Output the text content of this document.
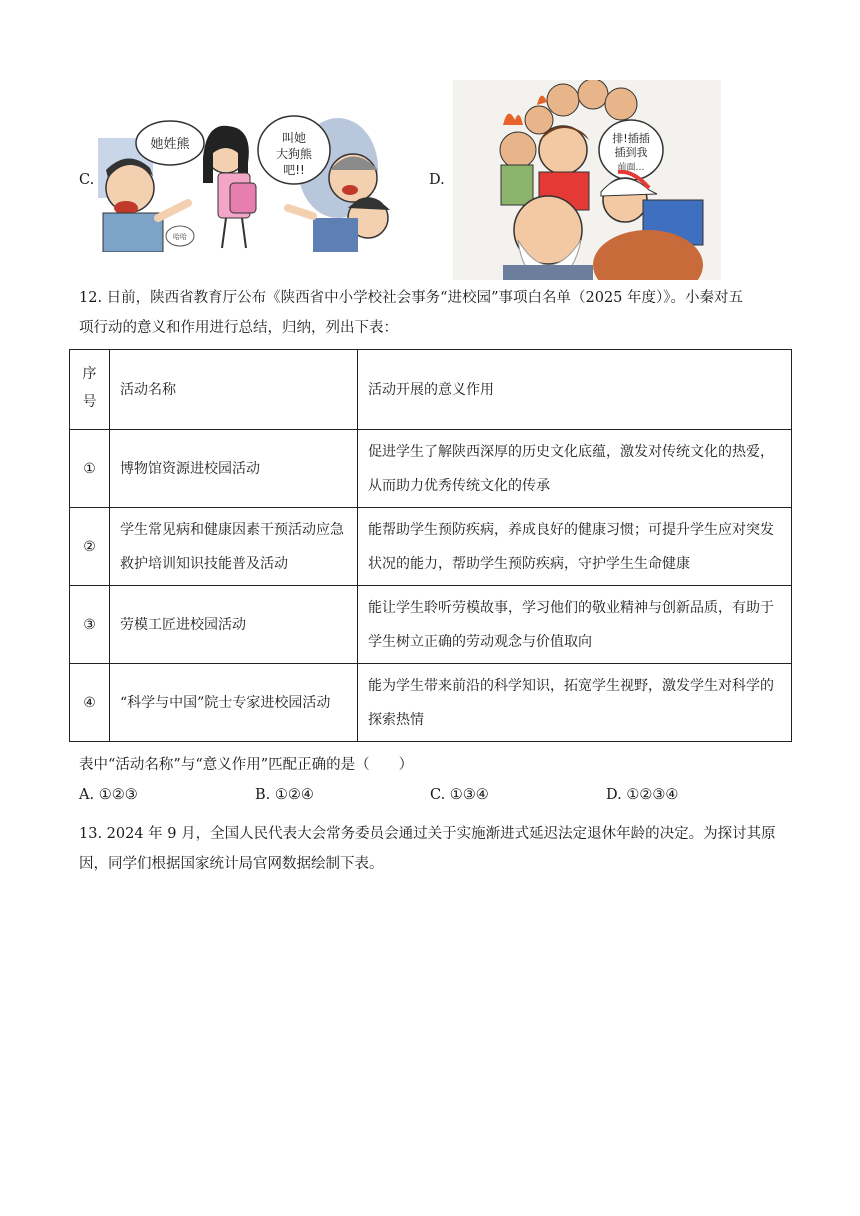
C.
她姓熊	叫她
大狗熊
吧!!
哈哈
D.
排!插插
插到我
前面…
12. 日前，陕西省教育厅公布《陕西省中小学校社会事务“进校园”事项白名单（2025 年度）》。小秦对五
项行动的意义和作用进行总结，归纳，列出下表：
序号	活动名称	活动开展的意义作用
①	博物馆资源进校园活动	促进学生了解陕西深厚的历史文化底蕴，激发对传统文化的热爱，从而助力优秀传统文化的传承
②	学生常见病和健康因素干预活动应急救护培训知识技能普及活动	能帮助学生预防疾病，养成良好的健康习惯；可提升学生应对突发状况的能力，帮助学生预防疾病，守护学生生命健康
③	劳模工匠进校园活动	能让学生聆听劳模故事，学习他们的敬业精神与创新品质，有助于学生树立正确的劳动观念与价值取向
④	“科学与中国”院士专家进校园活动	能为学生带来前沿的科学知识，拓宽学生视野，激发学生对科学的探索热情
表中“活动名称”与“意义作用”匹配正确的是（　　）
A. ①②③	B. ①②④	C. ①③④	D. ①②③④
13. 2024 年 9 月，全国人民代表大会常务委员会通过关于实施渐进式延迟法定退休年龄的决定。为探讨其原
因，同学们根据国家统计局官网数据绘制下表。
